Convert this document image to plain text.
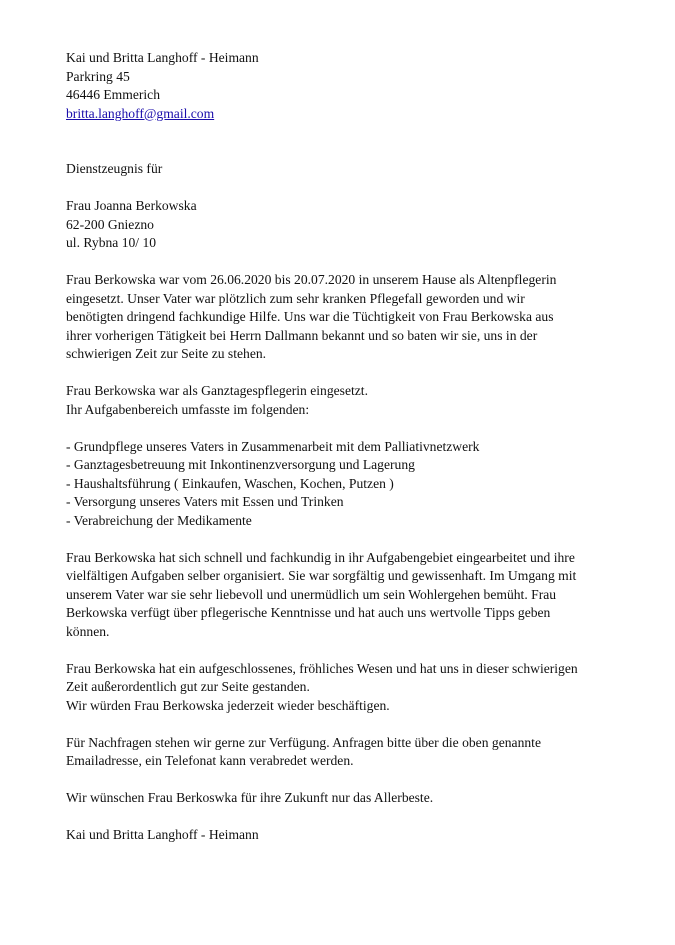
Kai und Britta Langhoff - Heimann
Parkring 45
46446 Emmerich
britta.langhoff@gmail.com
Dienstzeugnis für
Frau Joanna Berkowska
62-200 Gniezno
ul. Rybna 10/ 10
Frau Berkowska war vom 26.06.2020 bis 20.07.2020 in unserem Hause als Altenpflegerin
eingesetzt. Unser Vater war plötzlich zum sehr kranken Pflegefall geworden und wir
benötigten dringend fachkundige Hilfe. Uns war die Tüchtigkeit von Frau Berkowska aus
ihrer vorherigen Tätigkeit bei Herrn Dallmann bekannt und so baten wir sie, uns in der
schwierigen Zeit zur Seite zu stehen.
Frau Berkowska war als Ganztagespflegerin eingesetzt.
Ihr Aufgabenbereich umfasste im folgenden:
- Grundpflege unseres Vaters in Zusammenarbeit mit dem Palliativnetzwerk
- Ganztagesbetreuung mit Inkontinenzversorgung und Lagerung
- Haushaltsführung ( Einkaufen, Waschen, Kochen, Putzen )
- Versorgung unseres Vaters mit Essen und Trinken
- Verabreichung der Medikamente
Frau Berkowska hat sich schnell und fachkundig in ihr Aufgabengebiet eingearbeitet und ihre
vielfältigen Aufgaben selber organisiert. Sie war sorgfältig und gewissenhaft. Im Umgang mit
unserem Vater war sie sehr liebevoll und unermüdlich um sein Wohlergehen bemüht. Frau
Berkowska verfügt über pflegerische Kenntnisse und hat auch uns wertvolle Tipps geben
können.
Frau Berkowska hat ein aufgeschlossenes, fröhliches Wesen und hat uns in dieser schwierigen
Zeit außerordentlich gut zur Seite gestanden.
Wir würden Frau Berkowska jederzeit wieder beschäftigen.
Für Nachfragen stehen wir gerne zur Verfügung. Anfragen bitte über die oben genannte
Emailadresse, ein Telefonat kann verabredet werden.
Wir wünschen Frau Berkoswka für ihre Zukunft nur das Allerbeste.
Kai und Britta Langhoff - Heimann
